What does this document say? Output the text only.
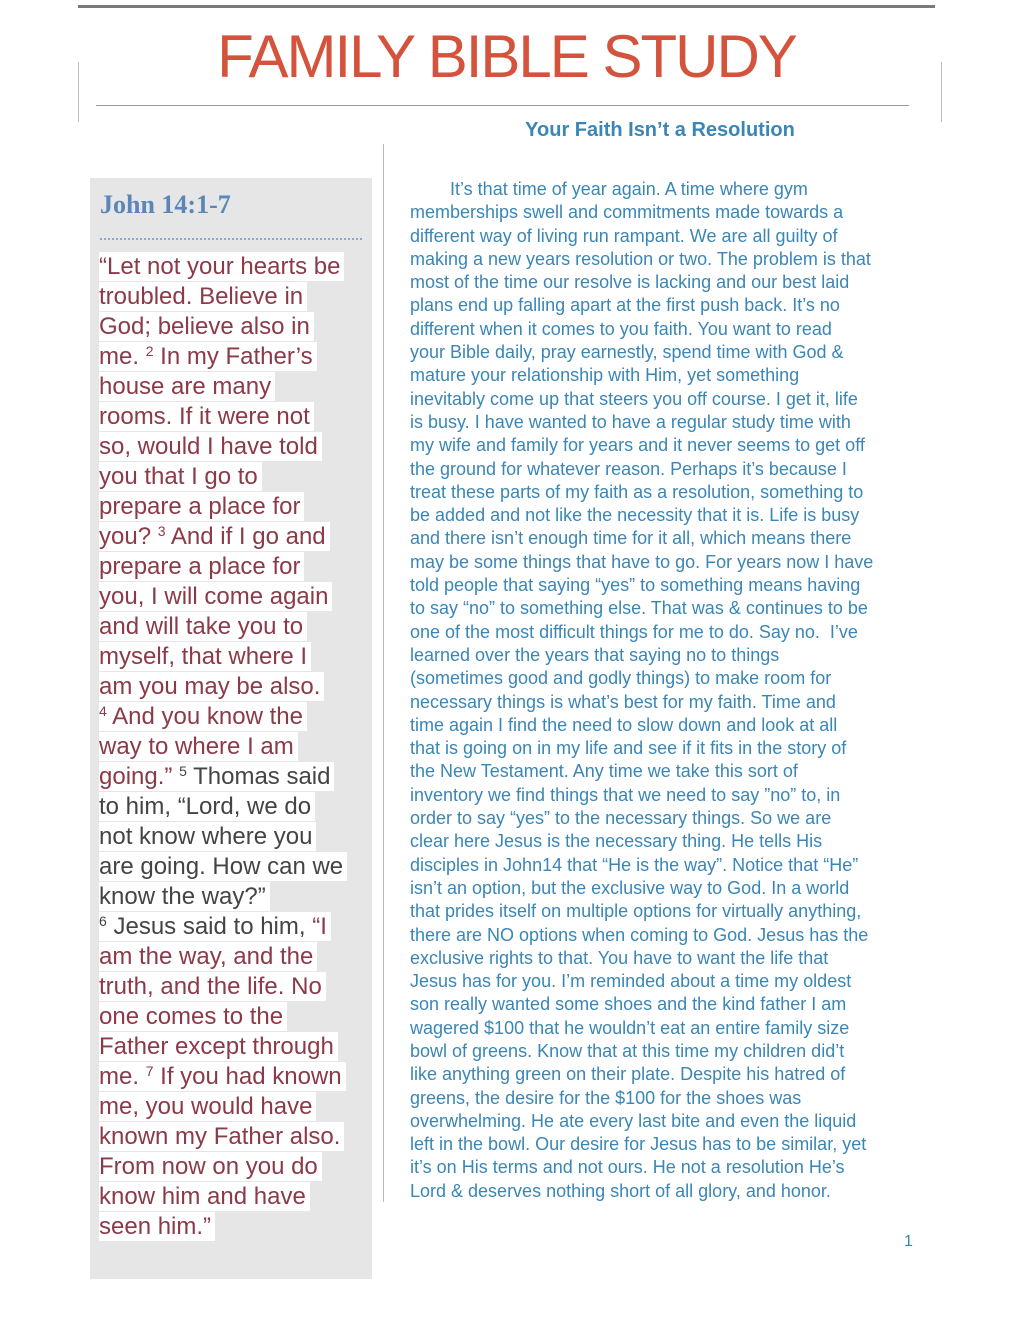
FAMILY BIBLE STUDY
Your Faith Isn’t a Resolution
John 14:1-7
“Let not your hearts be
troubled. Believe in
God; believe also in
me. $^2$ In my Father’s
house are many
rooms. If it were not
so, would I have told
you that I go to
prepare a place for
you? $^3$ And if I go and
prepare a place for
you, I will come again
and will take you to
myself, that where I
am you may be also.
$^4$ And you know the
way to where I am
going.” $^5$ Thomas said
to him, “Lord, we do
not know where you
are going. How can we
know the way?”
$^6$ Jesus said to him, “I
am the way, and the
truth, and the life. No
one comes to the
Father except through
me. $^7$ If you had known
me, you would have
known my Father also.
From now on you do
know him and have
seen him.”
It’s that time of year again. A time where gym
memberships swell and commitments made towards a
different way of living run rampant. We are all guilty of
making a new years resolution or two. The problem is that
most of the time our resolve is lacking and our best laid
plans end up falling apart at the first push back. It’s no
different when it comes to you faith. You want to read
your Bible daily, pray earnestly, spend time with God &
mature your relationship with Him, yet something
inevitably come up that steers you off course. I get it, life
is busy. I have wanted to have a regular study time with
my wife and family for years and it never seems to get off
the ground for whatever reason. Perhaps it’s because I
treat these parts of my faith as a resolution, something to
be added and not like the necessity that it is. Life is busy
and there isn’t enough time for it all, which means there
may be some things that have to go. For years now I have
told people that saying “yes” to something means having
to say “no” to something else. That was & continues to be
one of the most difficult things for me to do. Say no.  I’ve
learned over the years that saying no to things
(sometimes good and godly things) to make room for
necessary things is what’s best for my faith. Time and
time again I find the need to slow down and look at all
that is going on in my life and see if it fits in the story of
the New Testament. Any time we take this sort of
inventory we find things that we need to say ”no” to, in
order to say “yes” to the necessary things. So we are
clear here Jesus is the necessary thing. He tells His
disciples in John14 that “He is the way”. Notice that “He”
isn’t an option, but the exclusive way to God. In a world
that prides itself on multiple options for virtually anything,
there are NO options when coming to God. Jesus has the
exclusive rights to that. You have to want the life that
Jesus has for you. I’m reminded about a time my oldest
son really wanted some shoes and the kind father I am
wagered $100 that he wouldn’t eat an entire family size
bowl of greens. Know that at this time my children did’t
like anything green on their plate. Despite his hatred of
greens, the desire for the $100 for the shoes was
overwhelming. He ate every last bite and even the liquid
left in the bowl. Our desire for Jesus has to be similar, yet
it’s on His terms and not ours. He not a resolution He’s
Lord & deserves nothing short of all glory, and honor.
1
